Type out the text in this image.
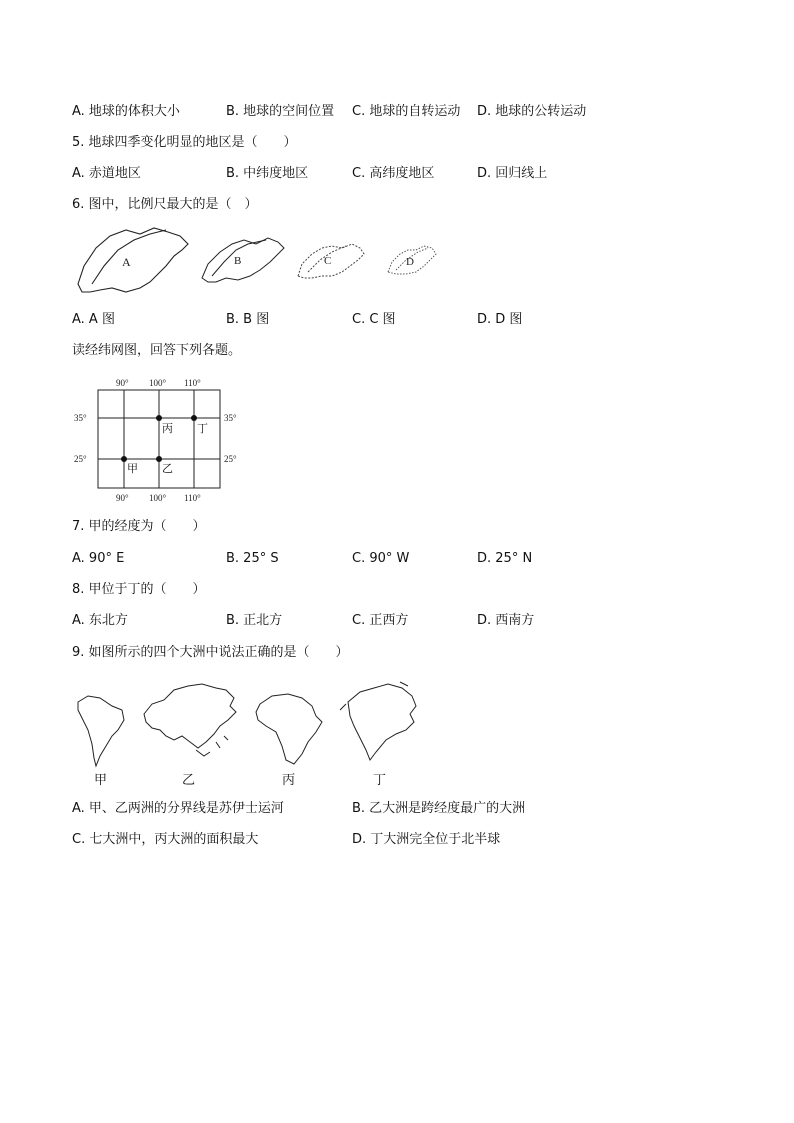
A. 地球的体积大小	B. 地球的空间位置 C. 地球的自转运动 D. 地球的公转运动
5. 地球四季变化明显的地区是（　　）
A. 赤道地区	B. 中纬度地区	C. 高纬度地区	D. 回归线上
6. 图中，比例尺最大的是（　）
A	B	C	D
A. A 图	B. B 图	C. C 图	D. D 图
读经纬网图，回答下列各题。
90° 100° 110°
90° 100° 110°
35°
25°
35°
25°
甲 乙
丙 丁
7. 甲的经度为（　　）
A. 90° E	B. 25° S	C. 90° W	D. 25° N
8. 甲位于丁的（　　）
A. 东北方	B. 正北方	C. 正西方	D. 西南方
9. 如图所示的四个大洲中说法正确的是（　　）
甲	乙	丙	丁
A. 甲、乙两洲的分界线是苏伊士运河	B. 乙大洲是跨经度最广的大洲
C. 七大洲中，丙大洲的面积最大	D. 丁大洲完全位于北半球
